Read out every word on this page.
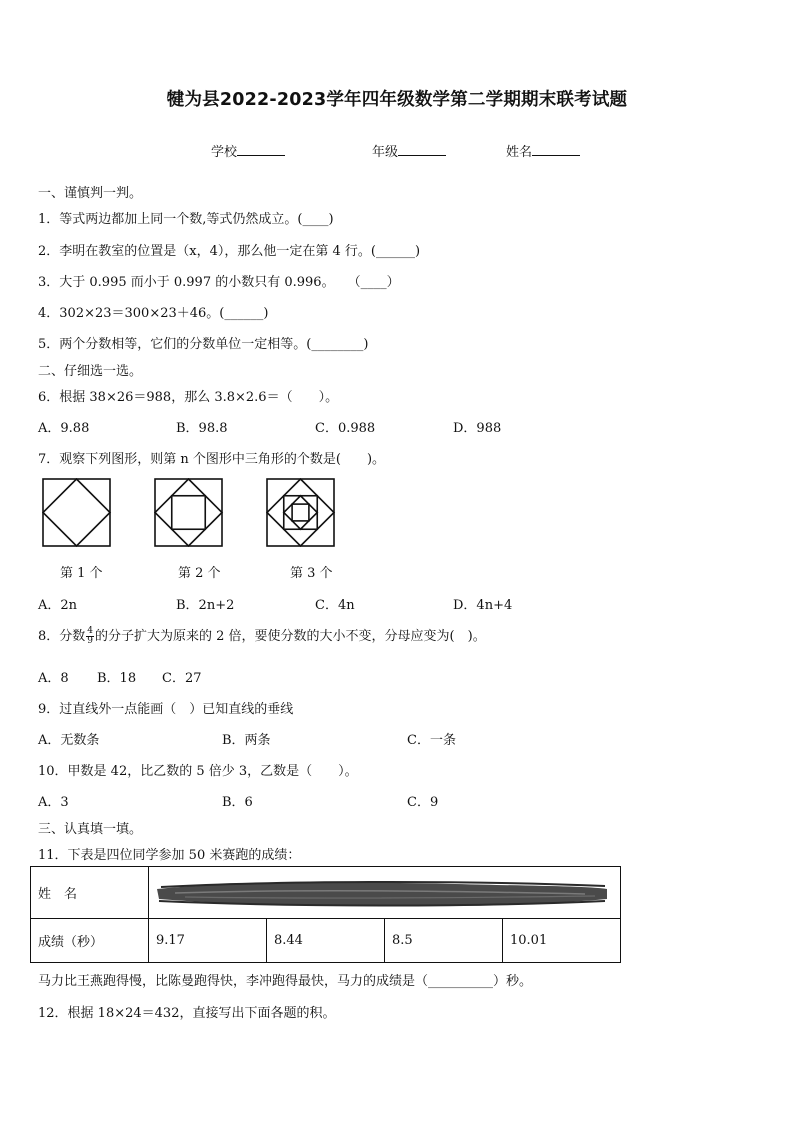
犍为县2022-2023学年四年级数学第二学期期末联考试题
学校	年级	姓名
一、谨慎判一判。
1．等式两边都加上同一个数,等式仍然成立。(____)
2．李明在教室的位置是（x，4），那么他一定在第 4 行。(______)
3．大于 0.995 而小于 0.997 的小数只有 0.996。　　（____）
4．302×23＝300×23＋46。(______)
5．两个分数相等，它们的分数单位一定相等。(________)
二、仔细选一选。
6．根据 38×26＝988，那么 3.8×2.6＝（　　）。
A．9.88	B．98.8	C．0.988	D．988
7．观察下列图形，则第 n 个图形中三角形的个数是(　　)。
第 1 个	第 2 个	第 3 个
A．2n	B．2n+2	C．4n	D．4n+4
8．分数 $\frac{4}{9}$ 的分子扩大为原来的 2 倍，要使分数的大小不变，分母应变为(　)。
A．8 B．18 C．27
9．过直线外一点能画（　）已知直线的垂线
A．无数条	B．两条	C．一条
10．甲数是 42，比乙数的 5 倍少 3，乙数是（　　）。
A．3	B．6	C．9
三、认真填一填。
11．下表是四位同学参加 50 米赛跑的成绩：
姓　名				
成绩（秒）	9.17	8.44	8.5	10.01
马力比王燕跑得慢，比陈曼跑得快，李冲跑得最快，马力的成绩是（__________）秒。
12．根据 18×24＝432，直接写出下面各题的积。
